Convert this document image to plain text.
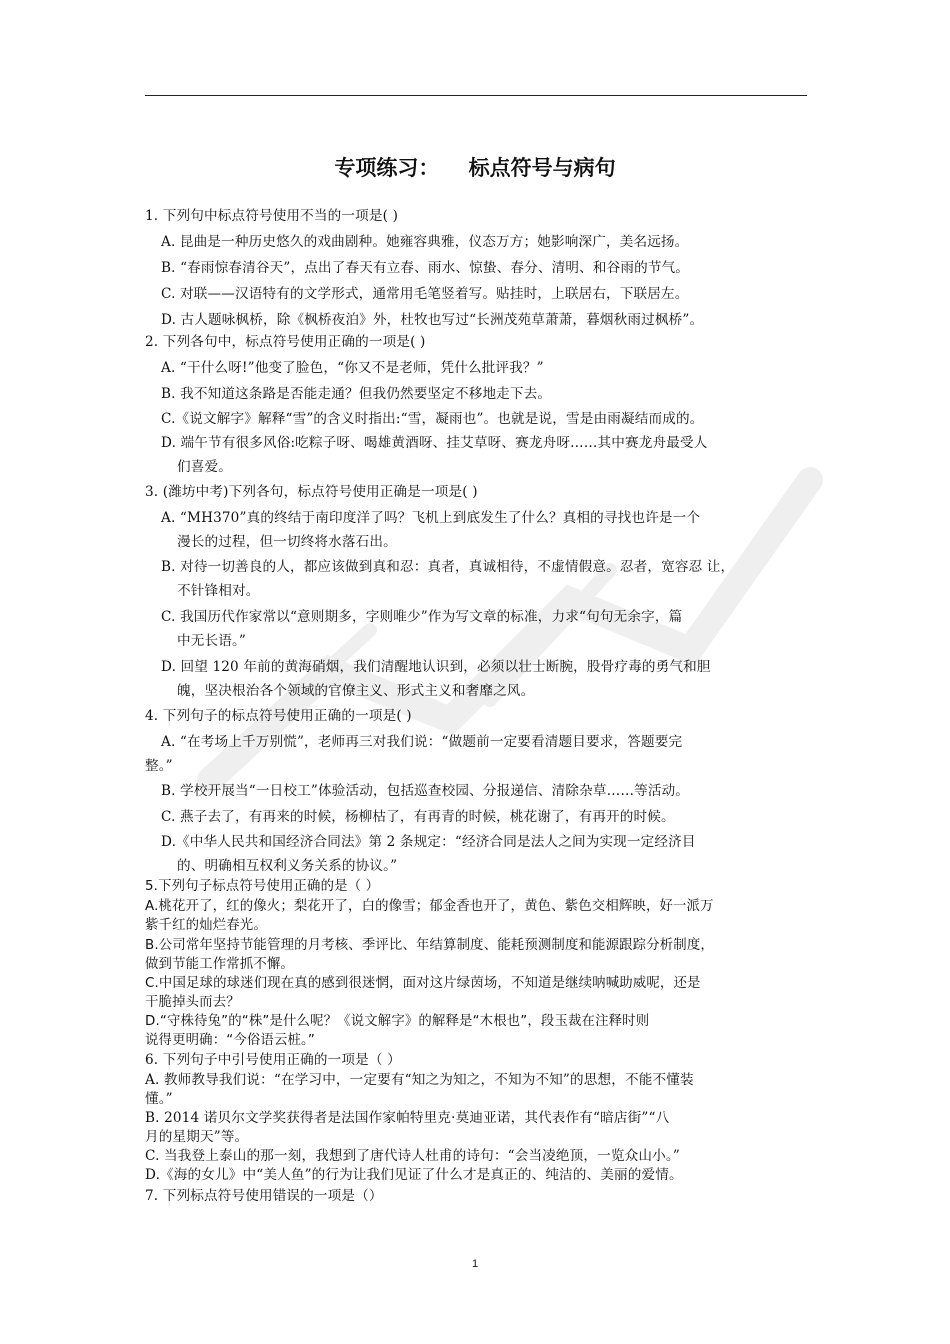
专项练习：    标点符号与病句
1. 下列句中标点符号使用不当的一项是( )
A. 昆曲是一种历史悠久的戏曲剧种。她雍容典雅，仪态万方；她影响深广，美名远扬。
B. “春雨惊春清谷天”，点出了春天有立春、雨水、惊蛰、春分、清明、和谷雨的节气。
C. 对联——汉语特有的文学形式，通常用毛笔竖着写。贴挂时，上联居右，下联居左。
D. 古人题咏枫桥，除《枫桥夜泊》外，杜牧也写过“长洲茂苑草萧萧，暮烟秋雨过枫桥”。
2. 下列各句中，标点符号使用正确的一项是( )
A. “干什么呀!”他变了脸色，“你又不是老师，凭什么批评我？”
B. 我不知道这条路是否能走通？但我仍然要坚定不移地走下去。
C.《说文解字》解释“雪”的含义时指出:“雪，凝雨也”。也就是说，雪是由雨凝结而成的。
D. 端午节有很多风俗:吃粽子呀、喝雄黄酒呀、挂艾草呀、赛龙舟呀……其中赛龙舟最受人
们喜爱。
3. (潍坊中考)下列各句，标点符号使用正确是一项是( )
A. “MH370”真的终结于南印度洋了吗？飞机上到底发生了什么？真相的寻找也许是一个
漫长的过程，但一切终将水落石出。
B. 对待一切善良的人，都应该做到真和忍：真者，真诚相待，不虚情假意。忍者，宽容忍 让，
不针锋相对。
C. 我国历代作家常以“意则期多，字则唯少”作为写文章的标准，力求“句句无余字，篇
中无长语。”
D. 回望 120 年前的黄海硝烟，我们清醒地认识到，必须以壮士断腕，股骨疗毒的勇气和胆
魄，坚决根治各个领域的官僚主义、形式主义和奢靡之风。
4. 下列句子的标点符号使用正确的一项是( )
A. “在考场上千万别慌”，老师再三对我们说：“做题前一定要看清题目要求，答题要完
整。”
B. 学校开展当“一日校工”体验活动，包括巡查校园、分报递信、清除杂草……等活动。
C. 燕子去了，有再来的时候，杨柳枯了，有再青的时候，桃花谢了，有再开的时候。
D.《中华人民共和国经济合同法》第 2 条规定：“经济合同是法人之间为实现一定经济目
的、明确相互权利义务关系的协议。”
5.下列句子标点符号使用正确的是（ ）
A.桃花开了，红的像火；梨花开了，白的像雪；郁金香也开了，黄色、紫色交相辉映，好一派万
紫千红的灿烂春光。
B.公司常年坚持节能管理的月考核、季评比、年结算制度、能耗预测制度和能源跟踪分析制度，
做到节能工作常抓不懈。
C.中国足球的球迷们现在真的感到很迷惘，面对这片绿茵场，不知道是继续呐喊助威呢，还是
干脆掉头而去？
D.“守株待兔”的“株”是什么呢？《说文解字》的解释是“木根也”，段玉裁在注释时则
说得更明确：“今俗语云桩。”
6. 下列句子中引号使用正确的一项是（ ）
A. 教师教导我们说：“在学习中，一定要有“知之为知之，不知为不知”的思想，不能不懂装
懂。”
B. 2014 诺贝尔文学奖获得者是法国作家帕特里克·莫迪亚诺，其代表作有“暗店街”“八
月的星期天”等。
C. 当我登上泰山的那一刻，我想到了唐代诗人杜甫的诗句：“会当凌绝顶，一览众山小。”
D.《海的女儿》中“美人鱼”的行为让我们见证了什么才是真正的、纯洁的、美丽的爱情。
7. 下列标点符号使用错误的一项是（）
1
